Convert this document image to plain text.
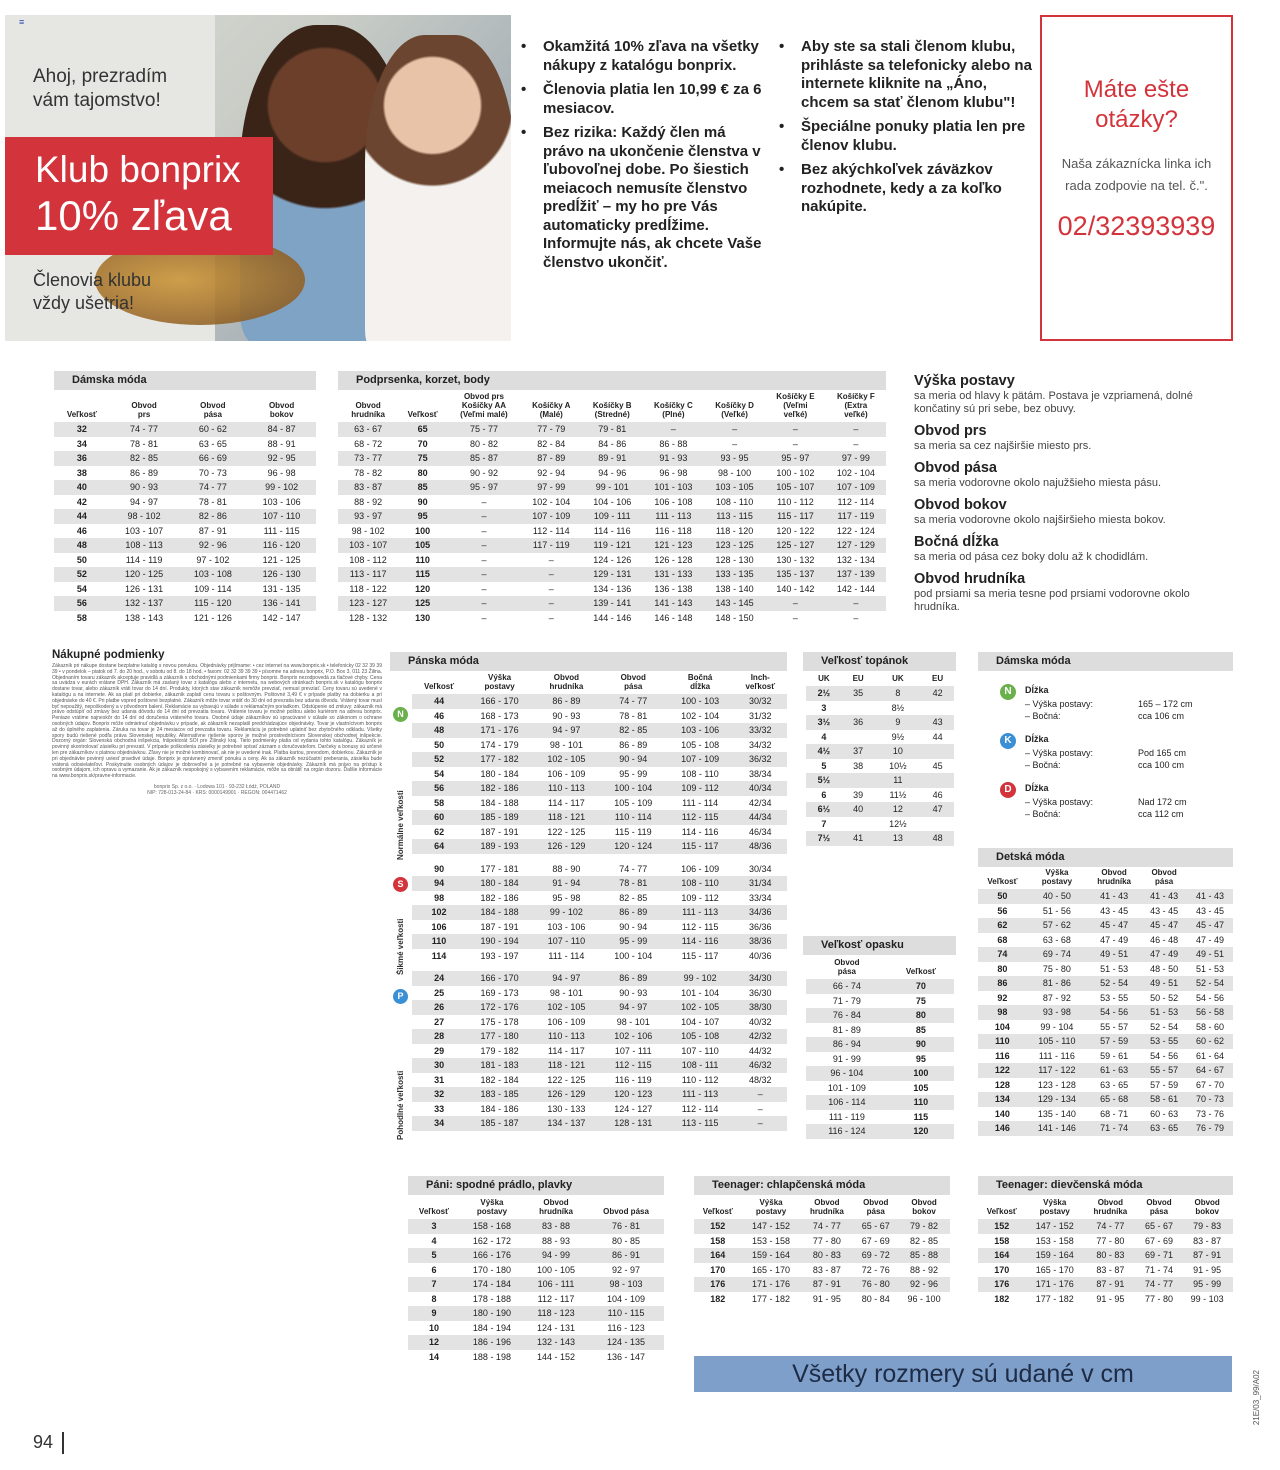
≡
Ahoj, prezradím
vám tajomstvo!
Klub bonprix
10% zľava
Členovia klubu
vždy ušetria!
• Okamžitá 10% zľava na všetky nákupy z katalógu bonprix.
• Členovia platia len 10,99 € za 6 mesiacov.
• Bez rizika: Každý člen má právo na ukončenie členstva v ľubovoľnej dobe. Po šiestich meiacoch nemusíte členstvo predĺžiť – my ho pre Vás automaticky predĺžime. Informujte nás, ak chcete Vaše členstvo ukončiť.
• Aby ste sa stali členom klubu, prihláste sa telefonicky alebo na internete kliknite na „Áno, chcem sa stať členom klubu"!
• Špeciálne ponuky platia len pre členov klubu.
• Bez akýchkoľvek záväzkov rozhodnete, kedy a za koľko nakúpite.
Máte ešte
otázky?
Naša zákaznícka linka ich rada zodpovie na tel. č.".
02/32393939
Dámska móda
Veľkosť	Obvod
prs	Obvod
pása	Obvod
bokov
32	74 - 77	60 - 62	84 - 87
34	78 - 81	63 - 65	88 - 91
36	82 - 85	66 - 69	92 - 95
38	86 - 89	70 - 73	96 - 98
40	90 - 93	74 - 77	99 - 102
42	94 - 97	78 - 81	103 - 106
44	98 - 102	82 - 86	107 - 110
46	103 - 107	87 - 91	111 - 115
48	108 - 113	92 - 96	116 - 120
50	114 - 119	97 - 102	121 - 125
52	120 - 125	103 - 108	126 - 130
54	126 - 131	109 - 114	131 - 135
56	132 - 137	115 - 120	136 - 141
58	138 - 143	121 - 126	142 - 147
Podprsenka, korzet, body
Obvod
hrudníka	Veľkosť	Obvod prs
Košíčky AA
(Veľmi malé)	Košíčky A
(Malé)	Košíčky B
(Stredné)	Košíčky C
(Plné)	Košíčky D
(Veľké)	Košíčky E
(Veľmi
veľké)	Košíčky F
(Extra
veľké)
63 - 67	65	75 - 77	77 - 79	79 - 81	–	–	–	–
68 - 72	70	80 - 82	82 - 84	84 - 86	86 - 88	–	–	–
73 - 77	75	85 - 87	87 - 89	89 - 91	91 - 93	93 - 95	95 - 97	97 - 99
78 - 82	80	90 - 92	92 - 94	94 - 96	96 - 98	98 - 100	100 - 102	102 - 104
83 - 87	85	95 - 97	97 - 99	99 - 101	101 - 103	103 - 105	105 - 107	107 - 109
88 - 92	90	–	102 - 104	104 - 106	106 - 108	108 - 110	110 - 112	112 - 114
93 - 97	95	–	107 - 109	109 - 111	111 - 113	113 - 115	115 - 117	117 - 119
98 - 102	100	–	112 - 114	114 - 116	116 - 118	118 - 120	120 - 122	122 - 124
103 - 107	105	–	117 - 119	119 - 121	121 - 123	123 - 125	125 - 127	127 - 129
108 - 112	110	–	–	124 - 126	126 - 128	128 - 130	130 - 132	132 - 134
113 - 117	115	–	–	129 - 131	131 - 133	133 - 135	135 - 137	137 - 139
118 - 122	120	–	–	134 - 136	136 - 138	138 - 140	140 - 142	142 - 144
123 - 127	125	–	–	139 - 141	141 - 143	143 - 145	–	–
128 - 132	130	–	–	144 - 146	146 - 148	148 - 150	–	–
Výška postavy
sa meria od hlavy k pätám. Postava je vzpriamená, dolné končatiny sú pri sebe, bez obuvy.
Obvod prs
sa meria sa cez najširšie miesto prs.
Obvod pása
sa meria vodorovne okolo najužšieho miesta pásu.
Obvod bokov
sa meria vodorovne okolo najširšieho miesta bokov.
Bočná dĺžka
sa meria od pása cez boky dolu až k chodidlám.
Obvod hrudníka
pod prsiami sa meria tesne pod prsiami vodorovne okolo hrudníka.
Nákupné podmienky
Zákazník pri nákupe dostane bezplatne katalóg s novou ponukou. Objednávky prijímame: • cez internet na www.bonprix.sk • telefonicky 02 32 39 39 39 • v pondelok – piatok od 7. do 20 hod., v sobotu od 8. do 18 hod. • faxom: 02 32 39 39 39 • písomne na adresu bonprix, P.O. Box 3, 011 23 Žilina. Objednaním tovaru zákazník akceptuje pravidlá a zákazník s obchodnými podmienkami firmy bonprix. Bonprix nezodpovedá za tlačové chyby. Cena sa uvádza v eurách vrátane DPH. Zákazník má zaslaný tovar z katalógu alebo z internetu, na webových stránkach bonprix.sk v katalógu bonprix dostane tovar, alebo zákazník vráti tovar do 14 dní. Produkty, ktorých stav zákazník nemôže prevziať, nemusí prevziať. Ceny tovaru sú uvedené v katalógu a na internete. Ak sa platí pri dobierke, zákazník zaplatí cenu tovaru s poštovným. Poštovné 3,49 € v prípade platby na dobierku a pri objednávke do 40 €. Pri platbe vopred poštovné bezplatné. Zákazník môže tovar vrátiť do 30 dní od prevzatia bez udania dôvodu. Vrátený tovar musí byť nepoužitý, nepoškodený a v pôvodnom balení. Reklamácie sa vybavujú v súlade s reklamačným poriadkom. Odstúpenie od zmluvy: zákazník má právo odstúpiť od zmluvy bez udania dôvodu do 14 dní od prevzatia tovaru. Vrátenie tovaru je možné poštou alebo kuriérom na adresu bonprix. Peniaze vrátime najneskôr do 14 dní od doručenia vráteného tovaru. Osobné údaje zákazníkov sú spracúvané v súlade so zákonom o ochrane osobných údajov. Bonprix môže odmietnuť objednávku v prípade, ak zákazník nezaplatil predchádzajúce objednávky. Tovar je vlastníctvom bonprix až do úplného zaplatenia. Záruka na tovar je 24 mesiacov od prevzatia tovaru. Reklamáciu je potrebné uplatniť bez zbytočného odkladu. Všetky spory budú riešené podľa práva Slovenskej republiky. Alternatívne riešenie sporov je možné prostredníctvom Slovenskej obchodnej inšpekcie. Dozorný orgán: Slovenská obchodná inšpekcia, Inšpektorát SOI pre Žilinský kraj. Tieto podmienky platia od vydania tohto katalógu. Zákazník je povinný skontrolovať zásielku pri prevzatí. V prípade poškodenia zásielky je potrebné spísať záznam s doručovateľom. Darčeky a bonusy sú určené len pre zákazníkov s platnou objednávkou. Zľavy nie je možné kombinovať, ak nie je uvedené inak. Platba kartou, prevodom, dobierkou. Zákazník je pri objednávke povinný uviesť pravdivé údaje. Bonprix je oprávnený zmeniť ponuku a ceny. Ak sa zákazník nezúčastní preberania, zásielka bude vrátená odosielateľovi. Poskytnutie osobných údajov je dobrovoľné a je potrebné na vybavenie objednávky. Zákazník má právo na prístup k osobným údajom, ich opravu a vymazanie. Ak je zákazník nespokojný s vybavením reklamácie, môže sa obrátiť na orgán dozoru. Ďalšie informácie na www.bonprix.sk/pravne-informacie.
bonprix Sp. z o.o. · Lodowa 101 · 93-232 Łódź, POLAND
NIP: 728-013-24-84 · KRS: 0000149901 · REGON: 004471462
Pánska móda
Veľkosť	Výška
postavy	Obvod
hrudníka	Obvod
pása	Bočná
dĺžka	Inch-
veľkosť
44	166 - 170	86 - 89	74 - 77	100 - 103	30/32
46	168 - 173	90 - 93	78 - 81	102 - 104	31/32
48	171 - 176	94 - 97	82 - 85	103 - 106	33/32
50	174 - 179	98 - 101	86 - 89	105 - 108	34/32
52	177 - 182	102 - 105	90 - 94	107 - 109	36/32
54	180 - 184	106 - 109	95 - 99	108 - 110	38/34
56	182 - 186	110 - 113	100 - 104	109 - 112	40/34
58	184 - 188	114 - 117	105 - 109	111 - 114	42/34
60	185 - 189	118 - 121	110 - 114	112 - 115	44/34
62	187 - 191	122 - 125	115 - 119	114 - 116	46/34
64	189 - 193	126 - 129	120 - 124	115 - 117	48/36
90	177 - 181	88 - 90	74 - 77	106 - 109	30/34
94	180 - 184	91 - 94	78 - 81	108 - 110	31/34
98	182 - 186	95 - 98	82 - 85	109 - 112	33/34
102	184 - 188	99 - 102	86 - 89	111 - 113	34/36
106	187 - 191	103 - 106	90 - 94	112 - 115	36/36
110	190 - 194	107 - 110	95 - 99	114 - 116	38/36
114	193 - 197	111 - 114	100 - 104	115 - 117	40/36
24	166 - 170	94 - 97	86 - 89	99 - 102	34/30
25	169 - 173	98 - 101	90 - 93	101 - 104	36/30
26	172 - 176	102 - 105	94 - 97	102 - 105	38/30
27	175 - 178	106 - 109	98 - 101	104 - 107	40/32
28	177 - 180	110 - 113	102 - 106	105 - 108	42/32
29	179 - 182	114 - 117	107 - 111	107 - 110	44/32
30	181 - 183	118 - 121	112 - 115	108 - 111	46/32
31	182 - 184	122 - 125	116 - 119	110 - 112	48/32
32	183 - 185	126 - 129	120 - 123	111 - 113	–
33	184 - 186	130 - 133	124 - 127	112 - 114	–
34	185 - 187	134 - 137	128 - 131	113 - 115	–
N
Normálne veľkosti
S
Šikmé veľkosti
P
Pohodlné veľkosti
Veľkosť topánok
UK	EU	UK	EU
2½	35	8	42
3		8½	
3½	36	9	43
4		9½	44
4½	37	10	
5	38	10½	45
5½		11	
6	39	11½	46
6½	40	12	47
7		12½	
7½	41	13	48
Veľkosť opasku
Obvod
pása	Veľkosť
66 - 74	70
71 - 79	75
76 - 84	80
81 - 89	85
86 - 94	90
91 - 99	95
96 - 104	100
101 - 109	105
106 - 114	110
111 - 119	115
116 - 124	120
Dámska móda
N	Dĺžka
– Výška postavy:	165 – 172 cm
– Bočná:	cca 106 cm
K	Dĺžka
– Výška postavy:	Pod 165 cm
– Bočná:	cca 100 cm
D	Dĺžka
– Výška postavy:	Nad 172 cm
– Bočná:	cca 112 cm
Detská móda
Veľkosť	Výška
postavy	Obvod
hrudníka	Obvod
pása	
50	40 - 50	41 - 43	41 - 43	41 - 43
56	51 - 56	43 - 45	43 - 45	43 - 45
62	57 - 62	45 - 47	45 - 47	45 - 47
68	63 - 68	47 - 49	46 - 48	47 - 49
74	69 - 74	49 - 51	47 - 49	49 - 51
80	75 - 80	51 - 53	48 - 50	51 - 53
86	81 - 86	52 - 54	49 - 51	52 - 54
92	87 - 92	53 - 55	50 - 52	54 - 56
98	93 - 98	54 - 56	51 - 53	56 - 58
104	99 - 104	55 - 57	52 - 54	58 - 60
110	105 - 110	57 - 59	53 - 55	60 - 62
116	111 - 116	59 - 61	54 - 56	61 - 64
122	117 - 122	61 - 63	55 - 57	64 - 67
128	123 - 128	63 - 65	57 - 59	67 - 70
134	129 - 134	65 - 68	58 - 61	70 - 73
140	135 - 140	68 - 71	60 - 63	73 - 76
146	141 - 146	71 - 74	63 - 65	76 - 79
Páni: spodné prádlo, plavky
Veľkosť	Výška
postavy	Obvod
hrudníka	Obvod pása
3	158 - 168	83 - 88	76 - 81
4	162 - 172	88 - 93	80 - 85
5	166 - 176	94 - 99	86 - 91
6	170 - 180	100 - 105	92 - 97
7	174 - 184	106 - 111	98 - 103
8	178 - 188	112 - 117	104 - 109
9	180 - 190	118 - 123	110 - 115
10	184 - 194	124 - 131	116 - 123
12	186 - 196	132 - 143	124 - 135
14	188 - 198	144 - 152	136 - 147
Teenager: chlapčenská móda
Veľkosť	Výška
postavy	Obvod
hrudníka	Obvod
pása	Obvod
bokov
152	147 - 152	74 - 77	65 - 67	79 - 82
158	153 - 158	77 - 80	67 - 69	82 - 85
164	159 - 164	80 - 83	69 - 72	85 - 88
170	165 - 170	83 - 87	72 - 76	88 - 92
176	171 - 176	87 - 91	76 - 80	92 - 96
182	177 - 182	91 - 95	80 - 84	96 - 100
Teenager: dievčenská móda
Veľkosť	Výška
postavy	Obvod
hrudníka	Obvod
pása	Obvod
bokov
152	147 - 152	74 - 77	65 - 67	79 - 83
158	153 - 158	77 - 80	67 - 69	83 - 87
164	159 - 164	80 - 83	69 - 71	87 - 91
170	165 - 170	83 - 87	71 - 74	91 - 95
176	171 - 176	87 - 91	74 - 77	95 - 99
182	177 - 182	91 - 95	77 - 80	99 - 103
Všetky rozmery sú udané v cm
94
21E/03_99/A02
